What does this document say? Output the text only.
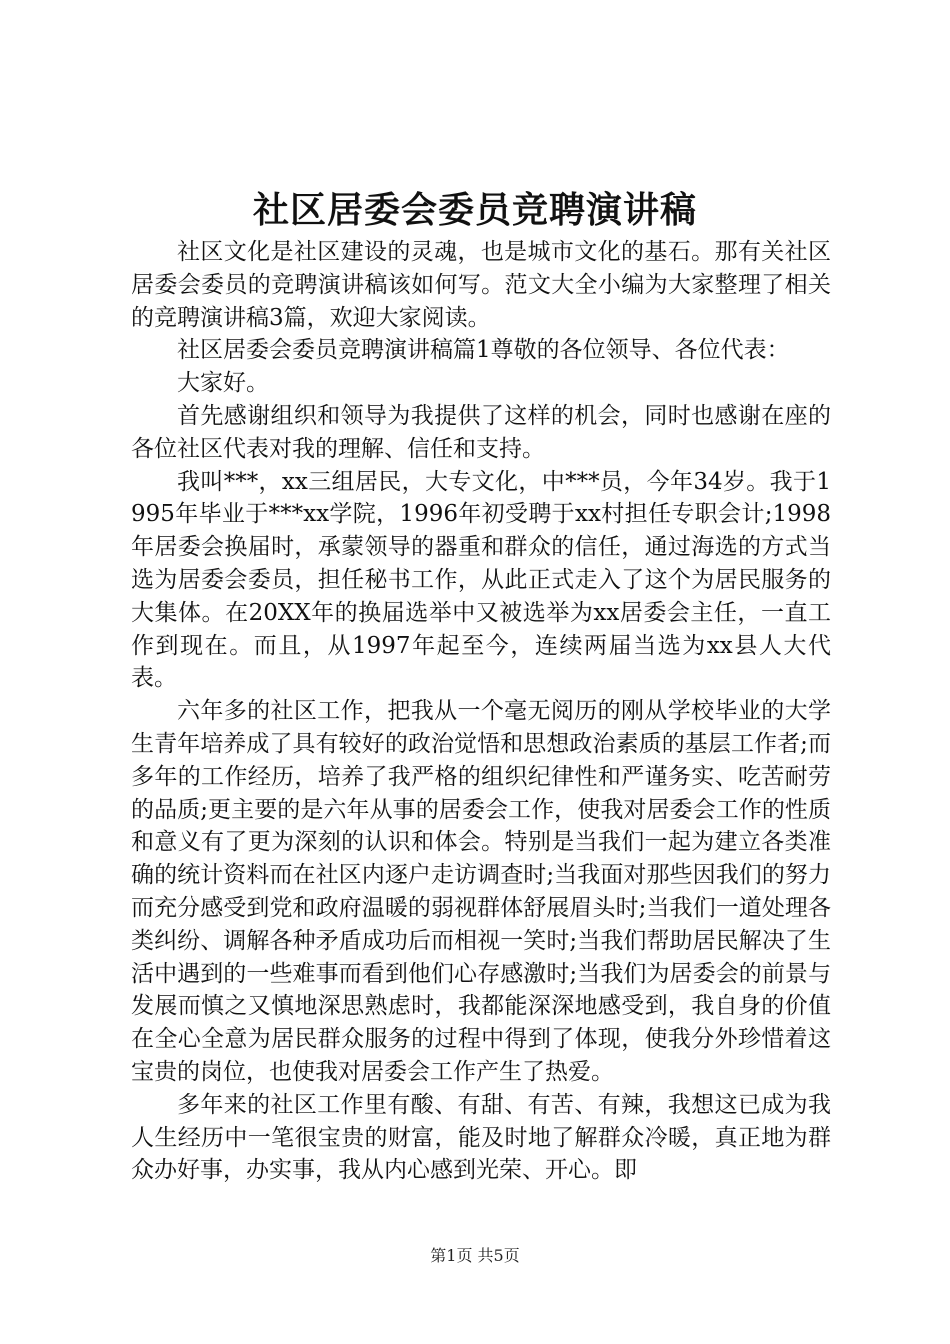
社区居委会委员竞聘演讲稿

社区文化是社区建设的灵魂，也是城市文化的基石。那有关社区居委会委员的竞聘演讲稿该如何写。范文大全小编为大家整理了相关的竞聘演讲稿3篇，欢迎大家阅读。

社区居委会委员竞聘演讲稿篇1尊敬的各位领导、各位代表：

大家好。

首先感谢组织和领导为我提供了这样的机会，同时也感谢在座的各位社区代表对我的理解、信任和支持。

我叫***，xx三组居民，大专文化，中***员，今年34岁。我于1995年毕业于***xx学院，1996年初受聘于xx村担任专职会计;1998年居委会换届时，承蒙领导的器重和群众的信任，通过海选的方式当选为居委会委员，担任秘书工作，从此正式走入了这个为居民服务的大集体。在20XX年的换届选举中又被选举为xx居委会主任，一直工作到现在。而且，从1997年起至今，连续两届当选为xx县人大代表。

六年多的社区工作，把我从一个毫无阅历的刚从学校毕业的大学生青年培养成了具有较好的政治觉悟和思想政治素质的基层工作者;而多年的工作经历，培养了我严格的组织纪律性和严谨务实、吃苦耐劳的品质;更主要的是六年从事的居委会工作，使我对居委会工作的性质和意义有了更为深刻的认识和体会。特别是当我们一起为建立各类准确的统计资料而在社区内逐户走访调查时;当我面对那些因我们的努力而充分感受到党和政府温暖的弱视群体舒展眉头时;当我们一道处理各类纠纷、调解各种矛盾成功后而相视一笑时;当我们帮助居民解决了生活中遇到的一些难事而看到他们心存感激时;当我们为居委会的前景与发展而慎之又慎地深思熟虑时，我都能深深地感受到，我自身的价值在全心全意为居民群众服务的过程中得到了体现，使我分外珍惜着这宝贵的岗位，也使我对居委会工作产生了热爱。

多年来的社区工作里有酸、有甜、有苦、有辣，我想这已成为我人生经历中一笔很宝贵的财富，能及时地了解群众冷暖，真正地为群众办好事，办实事，我从内心感到光荣、开心。即

第1页 共5页
